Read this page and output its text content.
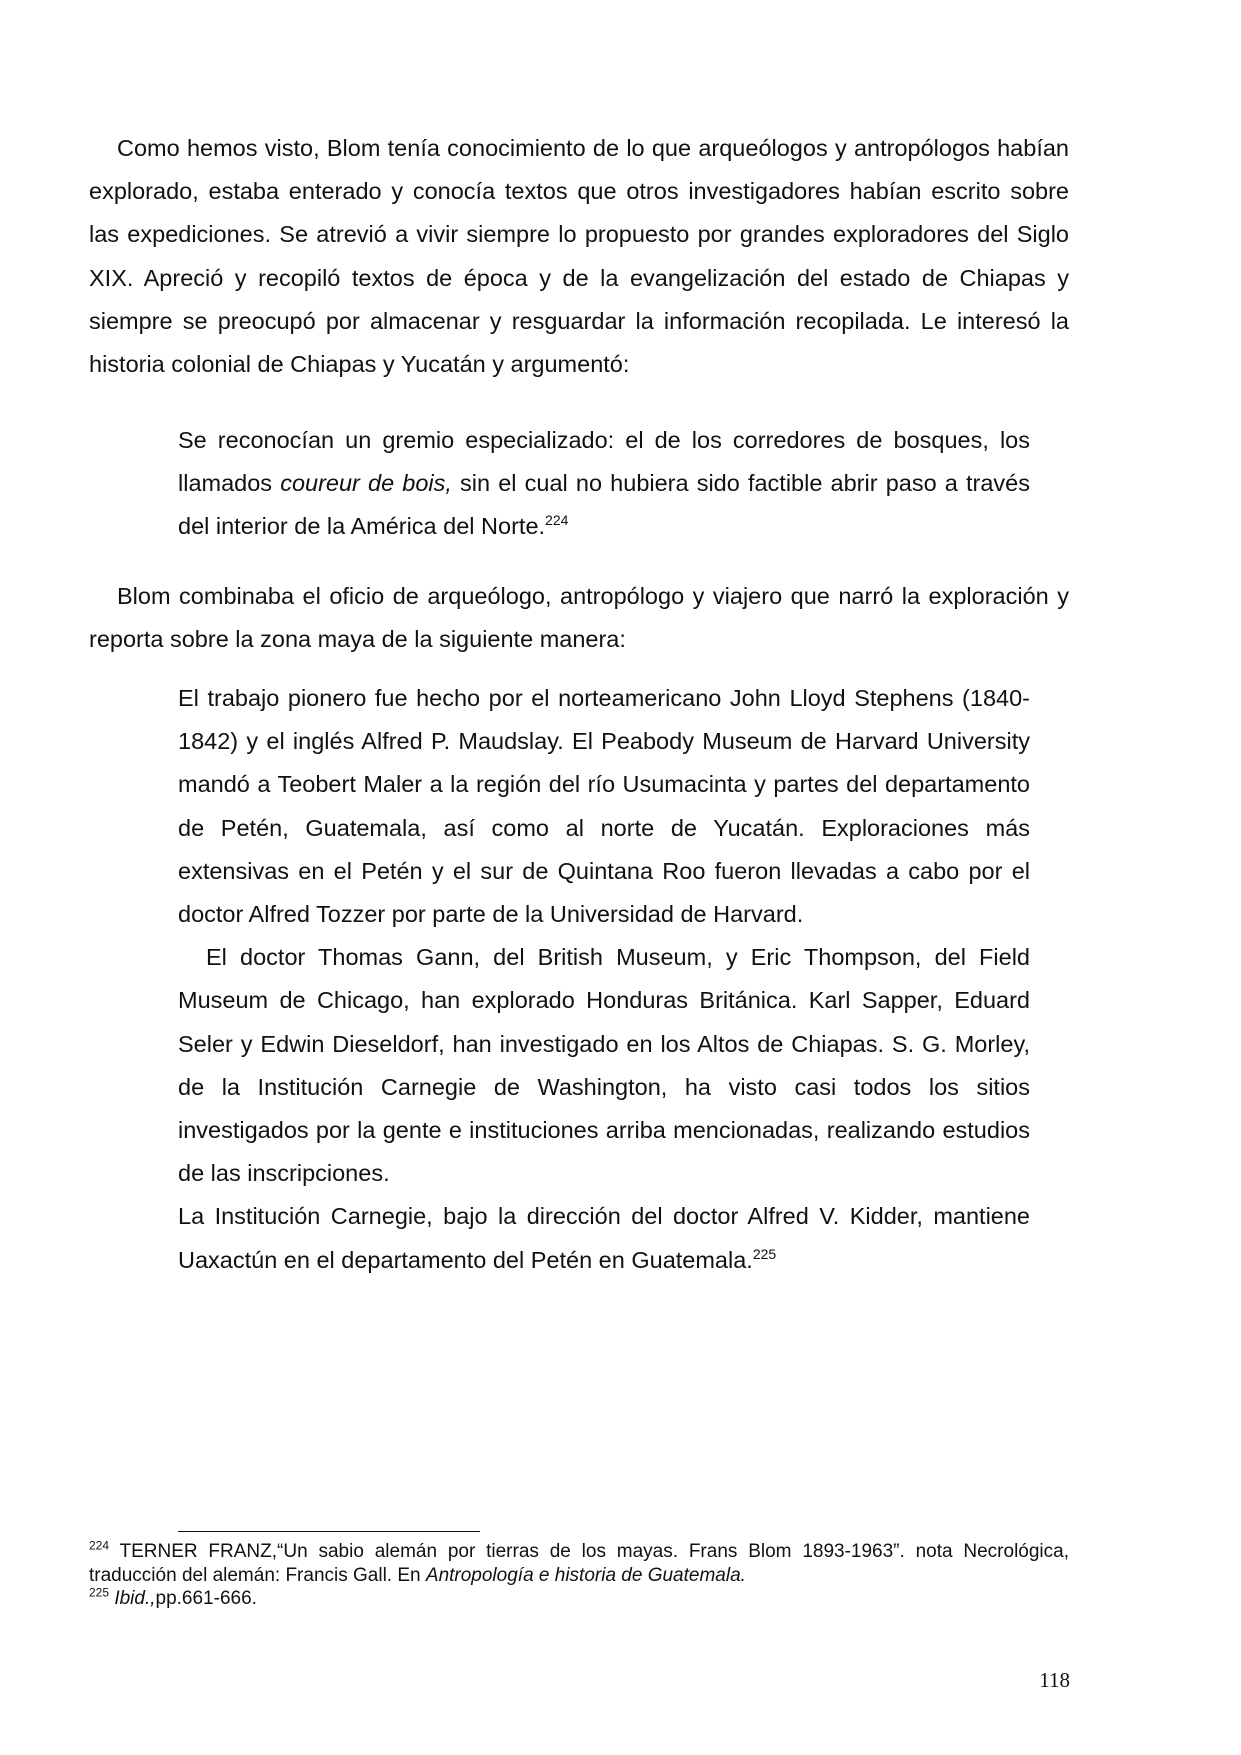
Como hemos visto, Blom tenía conocimiento de lo que arqueólogos y antropólogos habían explorado, estaba enterado y conocía textos que otros investigadores habían escrito sobre las expediciones. Se atrevió a vivir siempre lo propuesto por grandes exploradores del Siglo XIX. Apreció y recopiló textos de época y de la evangelización del estado de Chiapas y siempre se preocupó por almacenar y resguardar la información recopilada. Le interesó la historia colonial de Chiapas y Yucatán y argumentó:

Se reconocían un gremio especializado: el de los corredores de bosques, los llamados coureur de bois, sin el cual no hubiera sido factible abrir paso a través del interior de la América del Norte.$^{224}$

Blom combinaba el oficio de arqueólogo, antropólogo y viajero que narró la exploración y reporta sobre la zona maya de la siguiente manera:

El trabajo pionero fue hecho por el norteamericano John Lloyd Stephens (1840-1842) y el inglés Alfred P. Maudslay. El Peabody Museum de Harvard University mandó a Teobert Maler a la región del río Usumacinta y partes del departamento de Petén, Guatemala, así como al norte de Yucatán. Exploraciones más extensivas en el Petén y el sur de Quintana Roo fueron llevadas a cabo por el doctor Alfred Tozzer por parte de la Universidad de Harvard.

El doctor Thomas Gann, del British Museum, y Eric Thompson, del Field Museum de Chicago, han explorado Honduras Británica. Karl Sapper, Eduard Seler y Edwin Dieseldorf, han investigado en los Altos de Chiapas. S. G. Morley, de la Institución Carnegie de Washington, ha visto casi todos los sitios investigados por la gente e instituciones arriba mencionadas, realizando estudios de las inscripciones.

La Institución Carnegie, bajo la dirección del doctor Alfred V. Kidder, mantiene Uaxactún en el departamento del Petén en Guatemala.$^{225}$

$^{224}$ TERNER FRANZ,“Un sabio alemán por tierras de los mayas. Frans Blom 1893-1963”. nota Necrológica, traducción del alemán: Francis Gall. En Antropología e historia de Guatemala.

$^{225}$ Ibid.,pp.661-666.

118
